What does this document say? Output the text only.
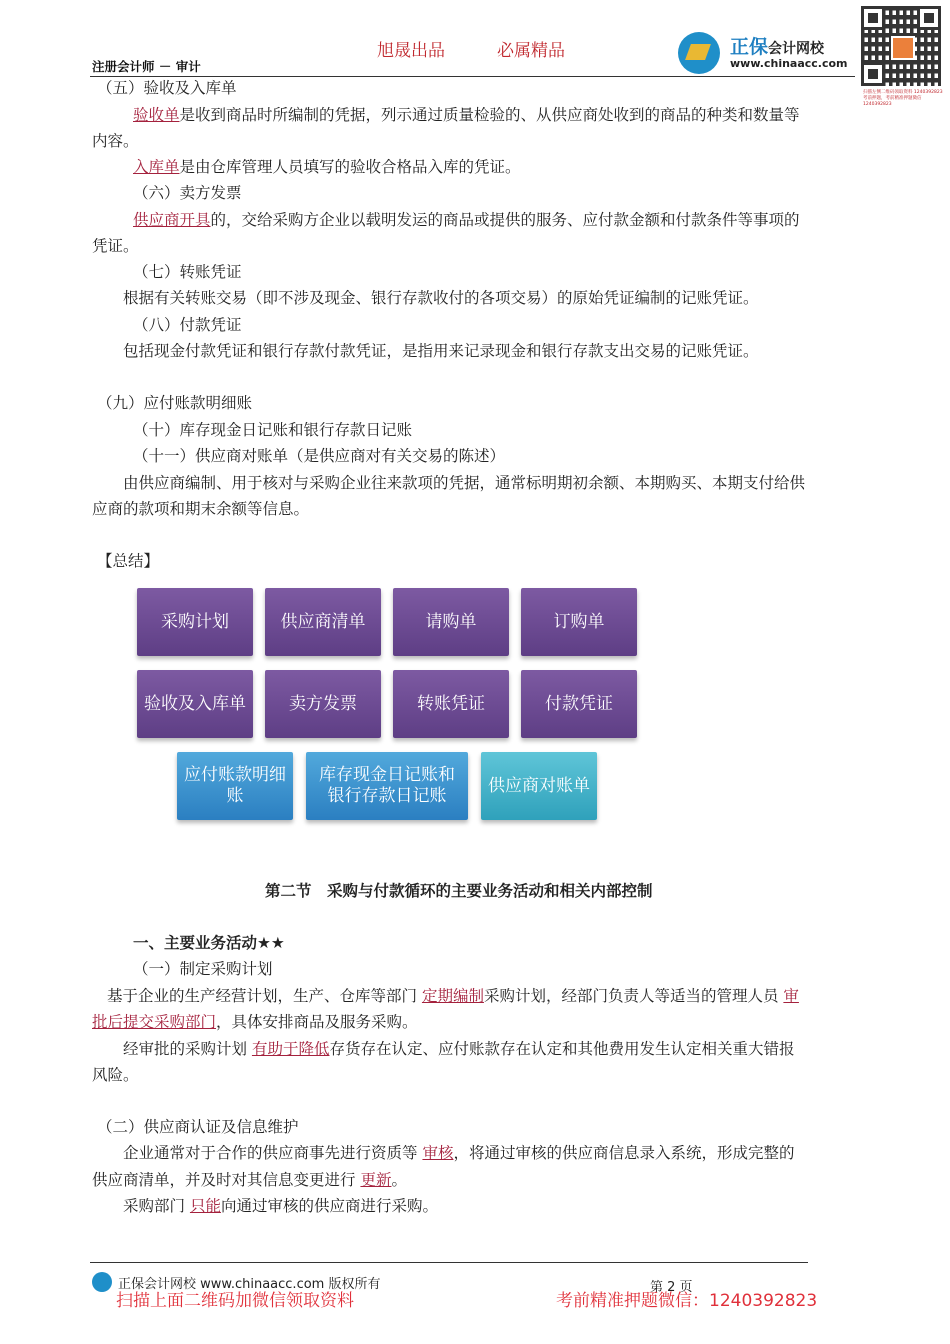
旭晟出品	必属精品
注册会计师 － 审计
正保会计网校
www.chinaacc.com
扫描左侧二维码领取资料 1240392823 考前押题，考前精准押题微信 1240392823
（五）验收及入库单
验收单是收到商品时所编制的凭据，列示通过质量检验的、从供应商处收到的商品的种类和数量等
内容。
入库单是由仓库管理人员填写的验收合格品入库的凭证。
（六）卖方发票
供应商开具的，交给采购方企业以载明发运的商品或提供的服务、应付款金额和付款条件等事项的
凭证。
（七）转账凭证
根据有关转账交易（即不涉及现金、银行存款收付的各项交易）的原始凭证编制的记账凭证。
（八）付款凭证
包括现金付款凭证和银行存款付款凭证，是指用来记录现金和银行存款支出交易的记账凭证。
（九）应付账款明细账
（十）库存现金日记账和银行存款日记账
（十一）供应商对账单（是供应商对有关交易的陈述）
由供应商编制、用于核对与采购企业往来款项的凭据，通常标明期初余额、本期购买、本期支付给供
应商的款项和期末余额等信息。
【总结】
采购计划	供应商清单	请购单	订购单
验收及入库单	卖方发票	转账凭证	付款凭证
应付账款明细账
库存现金日记账和银行存款日记账
供应商对账单
第二节　采购与付款循环的主要业务活动和相关内部控制
一、主要业务活动★★
（一）制定采购计划
基于企业的生产经营计划，生产、仓库等部门 定期编制采购计划，经部门负责人等适当的管理人员 审
批后提交采购部门，具体安排商品及服务采购。
经审批的采购计划 有助于降低存货存在认定、应付账款存在认定和其他费用发生认定相关重大错报
风险。
（二）供应商认证及信息维护
企业通常对于合作的供应商事先进行资质等 审核，将通过审核的供应商信息录入系统，形成完整的
供应商清单，并及时对其信息变更进行 更新。
采购部门 只能向通过审核的供应商进行采购。
正保会计网校 www.chinaacc.com 版权所有	第 2 页
扫描上面二维码加微信领取资料	考前精准押题微信：1240392823
